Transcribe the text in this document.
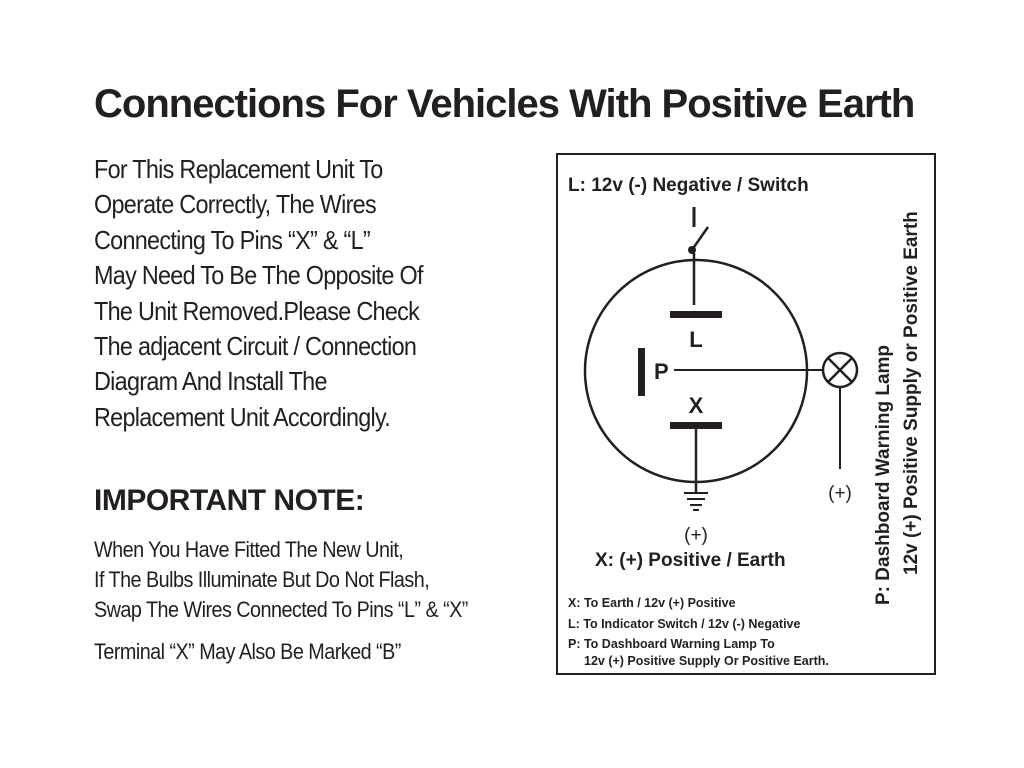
Connections For Vehicles With Positive Earth
For This Replacement Unit To
Operate Correctly, The Wires
Connecting To Pins “X” & “L”
May Need To Be The Opposite Of
The Unit Removed.Please Check
The adjacent Circuit / Connection
Diagram And Install The
Replacement Unit Accordingly.
IMPORTANT NOTE:
When You Have Fitted The New Unit,
If The Bulbs Illuminate But Do Not Flash,
Swap The Wires Connected To Pins “L” & “X”
Terminal “X” May Also Be Marked “B”
L: 12v (-) Negative / Switch
L
P
(+)
X
(+)
X: (+) Positive / Earth	P: Dashboard Warning Lamp 12v (+) Positive Supply or Positive Earth
X: To Earth / 12v (+) Positive
L: To Indicator Switch / 12v (-) Negative
P: To Dashboard Warning Lamp To
12v (+) Positive Supply Or Positive Earth.
